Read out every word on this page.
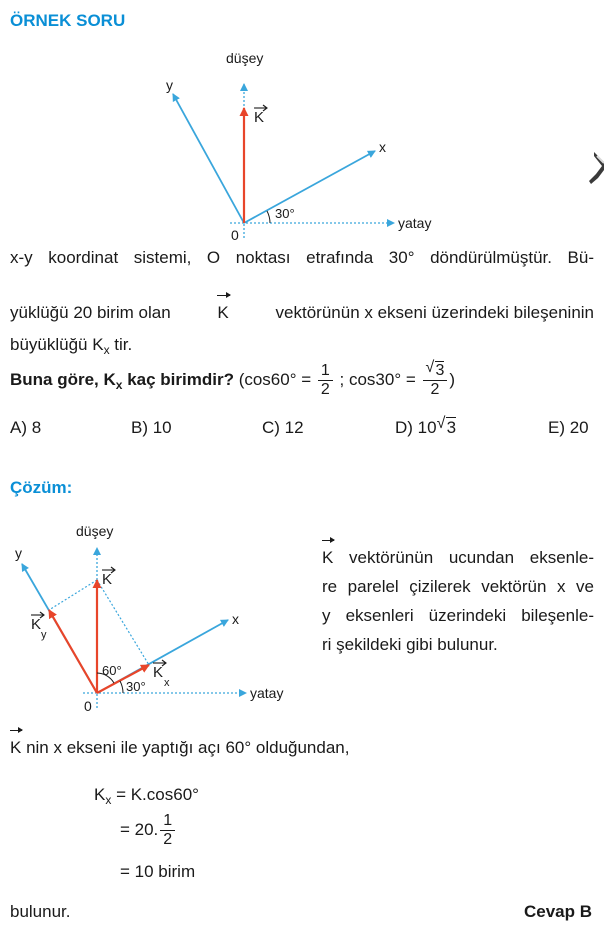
ÖRNEK SORU
düşey
yatay
x
y
K
30°
0
x-y koordinat sistemi, O noktası etrafında 30° döndürülmüştür. Bü-
yüklüğü 20 birim olan	K	vektörünün x ekseni üzerindeki bileşeninin
büyüklüğü $K_x$ tir.
Buna göre, $K_x$ kaç birimdir? ($\cos 60^\circ = \frac{1}{2}$ ; $\cos 30^\circ = \frac{√ 3}{2}$ )
A) 8	B) 10	C) 12	D) 10 √ 3	E) 20
Çözüm:
düşey
yatay
x
y
K
K
x
K
y
60°
30°
0
K vektörünün ucundan eksenle-
re parelel çizilerek vektörün x ve
y eksenleri üzerindeki bileşenle-
ri şekildeki gibi bulunur.
K nin x ekseni ile yaptığı açı 60° olduğundan,
$K_x = K.\cos 60^\circ$
= 20. $\frac{1}{2}$
= 10 birim
bulunur.	Cevap B
